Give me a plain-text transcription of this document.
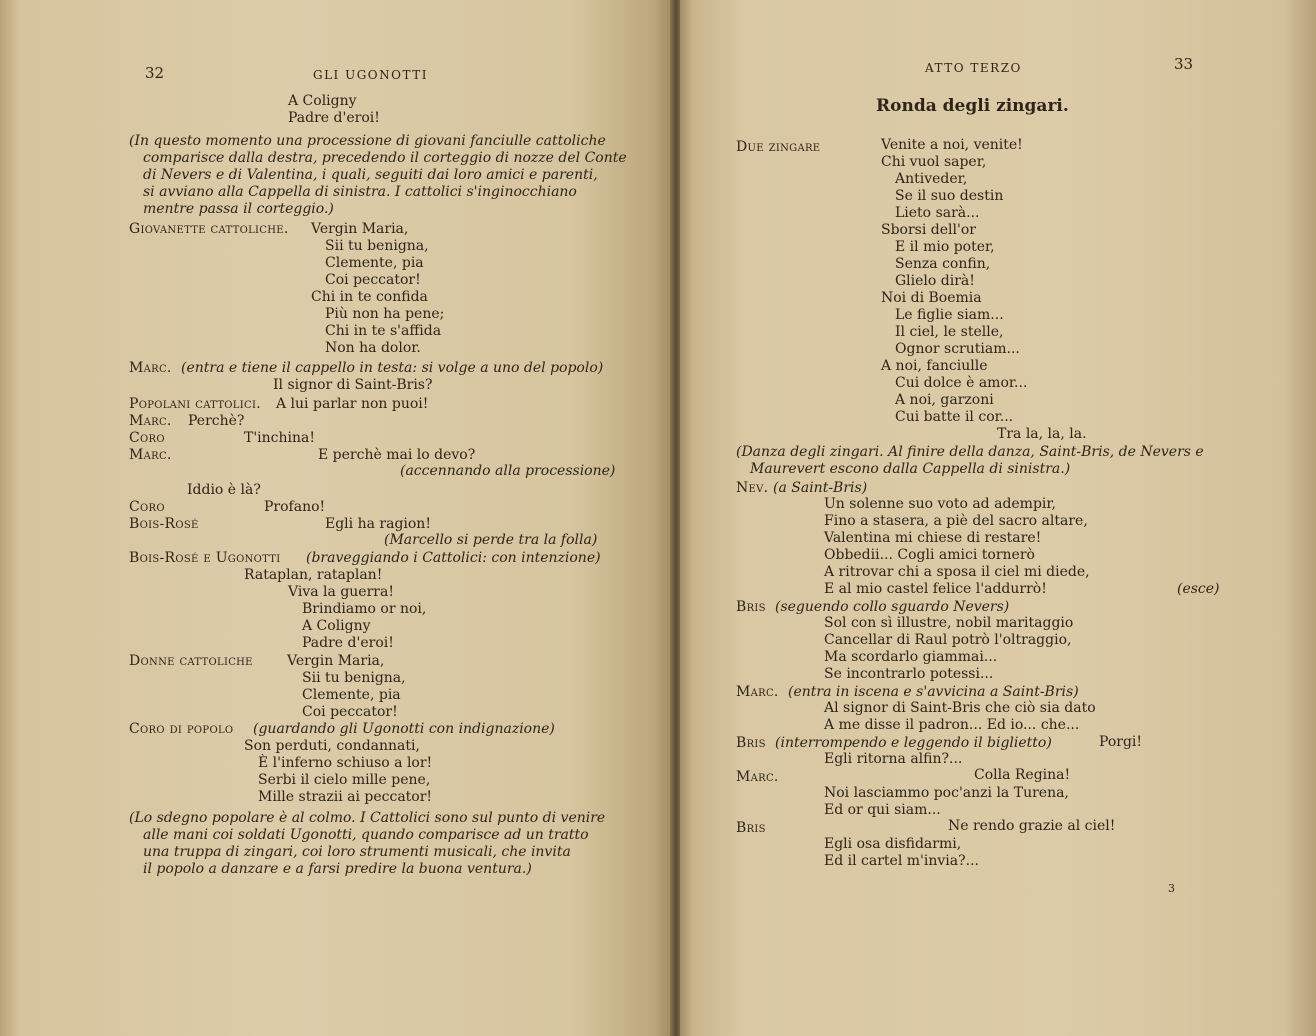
32	GLI UGONOTTI
A Coligny
Padre d'eroi!
(In questo momento una processione di giovani fanciulle cattoliche
comparisce dalla destra, precedendo il corteggio di nozze del Conte
di Nevers e di Valentina, i quali, seguiti dai loro amici e parenti,
si avviano alla Cappella di sinistra. I cattolici s'inginocchiano
mentre passa il corteggio.)
Giovanette cattoliche. Vergin Maria,
Sii tu benigna,
Clemente, pia
Coi peccator!
Chi in te confida
Più non ha pene;
Chi in te s'affida
Non ha dolor.
Marc. (entra e tiene il cappello in testa: si volge a uno del popolo)
Il signor di Saint-Bris?
Popolani cattolici. A lui parlar non puoi!
Marc. Perchè?
Coro	T'inchina!
Marc.	E perchè mai lo devo?
(accennando alla processione)
Iddio è là?
Coro	Profano!
Bois-Rosé	Egli ha ragion!
(Marcello si perde tra la folla)
Bois-Rosé e Ugonotti (braveggiando i Cattolici: con intenzione)
Rataplan, rataplan!
Viva la guerra!
Brindiamo or noi,
A Coligny
Padre d'eroi!
Donne cattoliche Vergin Maria,
Sii tu benigna,
Clemente, pia
Coi peccator!
Coro di popolo (guardando gli Ugonotti con indignazione)
Son perduti, condannati,
È l'inferno schiuso a lor!
Serbi il cielo mille pene,
Mille strazii ai peccator!
(Lo sdegno popolare è al colmo. I Cattolici sono sul punto di venire
alle mani coi soldati Ugonotti, quando comparisce ad un tratto
una truppa di zingari, coi loro strumenti musicali, che invita
il popolo a danzare e a farsi predire la buona ventura.)
ATTO TERZO	33
Ronda degli zingari.
Due zingare	Venite a noi, venite!
Chi vuol saper,
Antiveder,
Se il suo destin
Lieto sarà...
Sborsi dell'or
E il mio poter,
Senza confin,
Glielo dirà!
Noi di Boemia
Le figlie siam...
Il ciel, le stelle,
Ognor scrutiam...
A noi, fanciulle
Cui dolce è amor...
A noi, garzoni
Cui batte il cor...
Tra la, la, la.
(Danza degli zingari. Al finire della danza, Saint-Bris, de Nevers e
Maurevert escono dalla Cappella di sinistra.)
Nev. (a Saint-Bris)
Un solenne suo voto ad adempir,
Fino a stasera, a piè del sacro altare,
Valentina mi chiese di restare!
Obbedii... Cogli amici tornerò
A ritrovar chi a sposa il ciel mi diede,
E al mio castel felice l'addurrò!	(esce)
Bris (seguendo collo sguardo Nevers)
Sol con sì illustre, nobil maritaggio
Cancellar di Raul potrò l'oltraggio,
Ma scordarlo giammai...
Se incontrarlo potessi...
Marc. (entra in iscena e s'avvicina a Saint-Bris)
Al signor di Saint-Bris che ciò sia dato
A me disse il padron... Ed io... che...
Bris (interrompendo e leggendo il biglietto)	Porgi!
Egli ritorna alfin?...
Marc.	Colla Regina!
Noi lasciammo poc'anzi la Turena,
Ed or qui siam...
Bris	Ne rendo grazie al ciel!
Egli osa disfidarmi,
Ed il cartel m'invia?...
3
